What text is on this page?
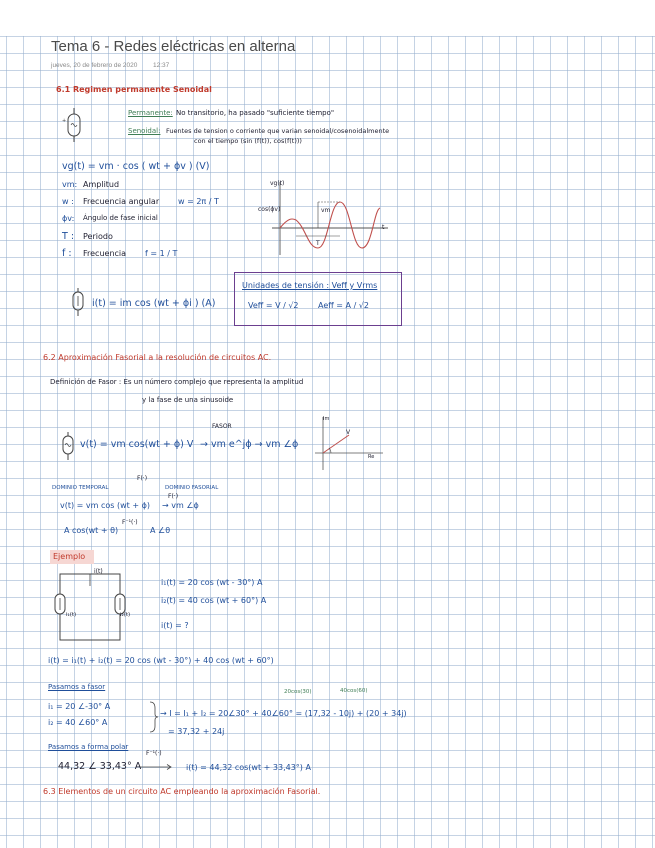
Tema 6 - Redes eléctricas en alterna
jueves, 20 de febrero de 2020 12:37
6.1 Regimen permanente Senoidal
+
Permanente: No transitorio, ha pasado "suficiente tiempo"
Senoidal: Fuentes de tension o corriente que varian senoidal/cosenoidalmente
con el tiempo (sin (f(t)), cos(f(t)))
vg(t) = vm · cos ( wt + ϕv ) (V)
vm: Amplitud
w : Frecuencia angular
ϕv: Ángulo de fase inicial
T : Periodo
f : Frecuencia
w = 2π / T
f = 1 / T
vg(t)
t
cos(ϕv)	vm
T
i(t) = im cos (wt + ϕi ) (A)
Unidades de tensión : Veff y Vrms
Veff = V / √2 Aeff = A / √2
6.2 Aproximación Fasorial a la resolución de circuitos AC.
Definición de Fasor : Es un número complejo que representa la amplitud
y la fase de una sinusoide
v(t) = vm cos(wt + ϕ) V
FASOR
→ vm e^jϕ → vm ∠ϕ
Im
Re
V
DOMINIO TEMPORAL
F(·)
DOMINIO FASORIAL
v(t) = vm cos (wt + ϕ)
F(·)
→ vm ∠ϕ
A cos(wt + θ)
F⁻¹(·)
A ∠θ
Ejemplo
i(t)
i₁(t)	i₂(t)
i₁(t) = 20 cos (wt - 30°) A
i₂(t) = 40 cos (wt + 60°) A
i(t) = ?
i(t) = i₁(t) + i₂(t) = 20 cos (wt - 30°) + 40 cos (wt + 60°)
Pasamos a fasor
20cos(30)	40cos(60)
i₁ = 20 ∠-30° A
i₂ = 40 ∠60° A
→ I = I₁ + I₂ = 20∠30° + 40∠60° = (17,32 - 10j) + (20 + 34j)
= 37,32 + 24j
Pasamos a forma polar
44,32 ∠ 33,43° A
F⁻¹(·)
i(t) = 44,32 cos(wt + 33,43°) A
6.3 Elementos de un circuito AC empleando la aproximación Fasorial.
